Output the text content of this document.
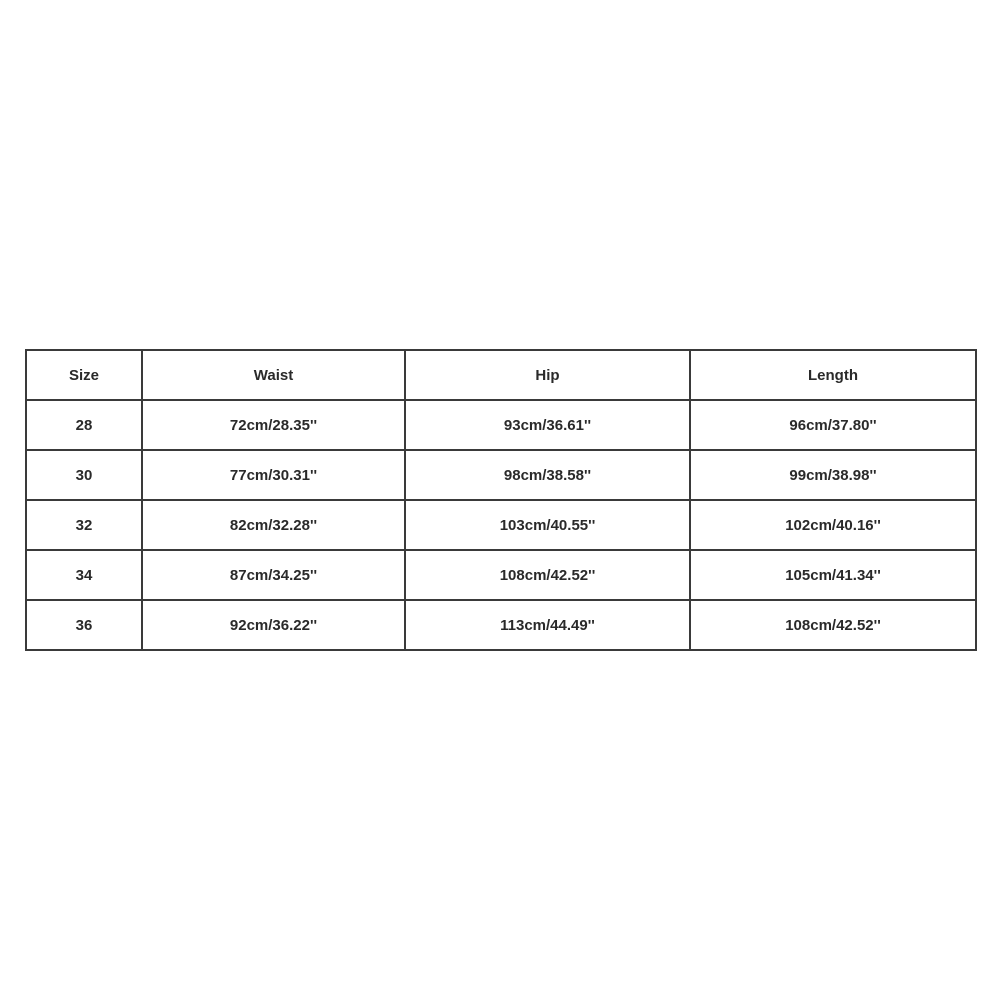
Size	Waist	Hip	Length
28	72cm/28.35''	93cm/36.61''	96cm/37.80''
30	77cm/30.31''	98cm/38.58''	99cm/38.98''
32	82cm/32.28''	103cm/40.55''	102cm/40.16''
34	87cm/34.25''	108cm/42.52''	105cm/41.34''
36	92cm/36.22''	113cm/44.49''	108cm/42.52''
